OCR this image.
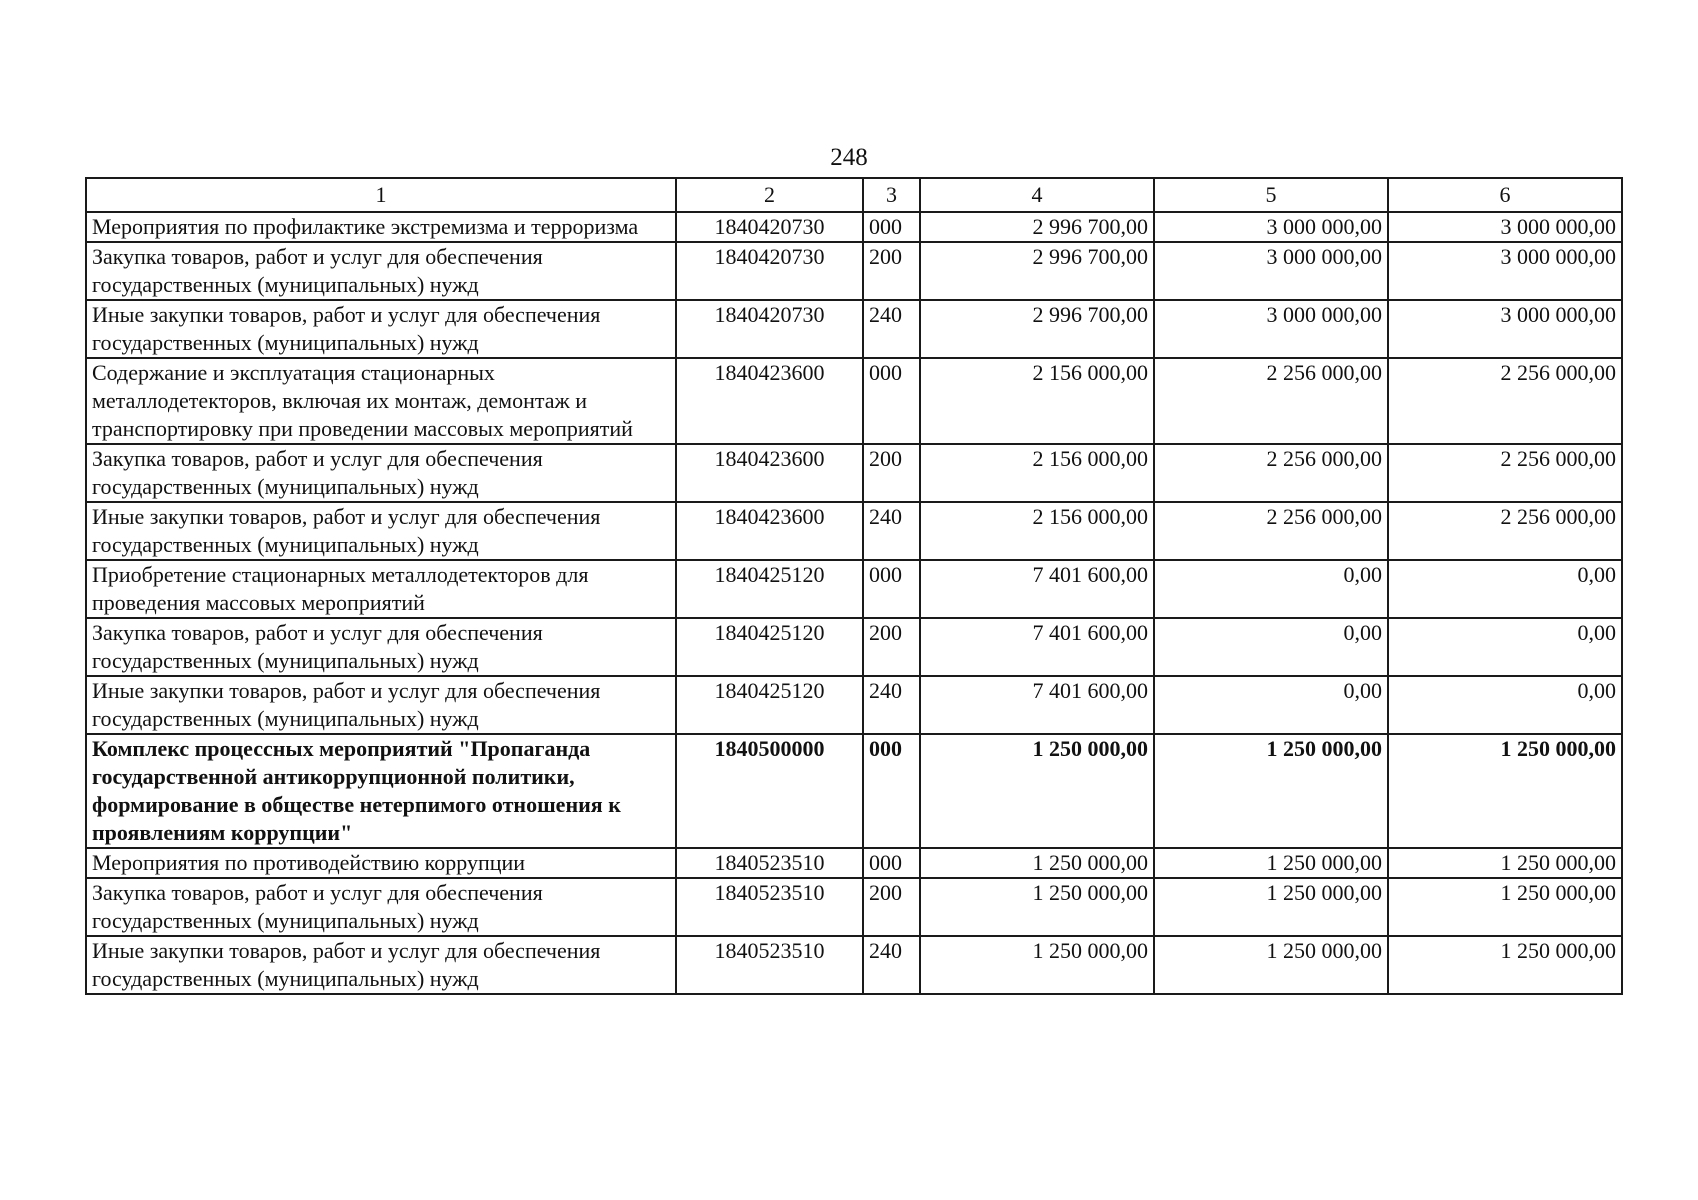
248
1	2	3	4	5	6
Мероприятия по профилактике экстремизма и терроризма	1840420730	000	2 996 700,00	3 000 000,00	3 000 000,00
Закупка товаров, работ и услуг для обеспечения государственных (муниципальных) нужд	1840420730	200	2 996 700,00	3 000 000,00	3 000 000,00
Иные закупки товаров, работ и услуг для обеспечения государственных (муниципальных) нужд	1840420730	240	2 996 700,00	3 000 000,00	3 000 000,00
Содержание и эксплуатация стационарных металлодетекторов, включая их монтаж, демонтаж и транспортировку при проведении массовых мероприятий	1840423600	000	2 156 000,00	2 256 000,00	2 256 000,00
Закупка товаров, работ и услуг для обеспечения государственных (муниципальных) нужд	1840423600	200	2 156 000,00	2 256 000,00	2 256 000,00
Иные закупки товаров, работ и услуг для обеспечения государственных (муниципальных) нужд	1840423600	240	2 156 000,00	2 256 000,00	2 256 000,00
Приобретение стационарных металлодетекторов для проведения массовых мероприятий	1840425120	000	7 401 600,00	0,00	0,00
Закупка товаров, работ и услуг для обеспечения государственных (муниципальных) нужд	1840425120	200	7 401 600,00	0,00	0,00
Иные закупки товаров, работ и услуг для обеспечения государственных (муниципальных) нужд	1840425120	240	7 401 600,00	0,00	0,00
Комплекс процессных мероприятий "Пропаганда государственной антикоррупционной политики, формирование в обществе нетерпимого отношения к проявлениям коррупции"	1840500000	000	1 250 000,00	1 250 000,00	1 250 000,00
Мероприятия по противодействию коррупции	1840523510	000	1 250 000,00	1 250 000,00	1 250 000,00
Закупка товаров, работ и услуг для обеспечения государственных (муниципальных) нужд	1840523510	200	1 250 000,00	1 250 000,00	1 250 000,00
Иные закупки товаров, работ и услуг для обеспечения государственных (муниципальных) нужд	1840523510	240	1 250 000,00	1 250 000,00	1 250 000,00
